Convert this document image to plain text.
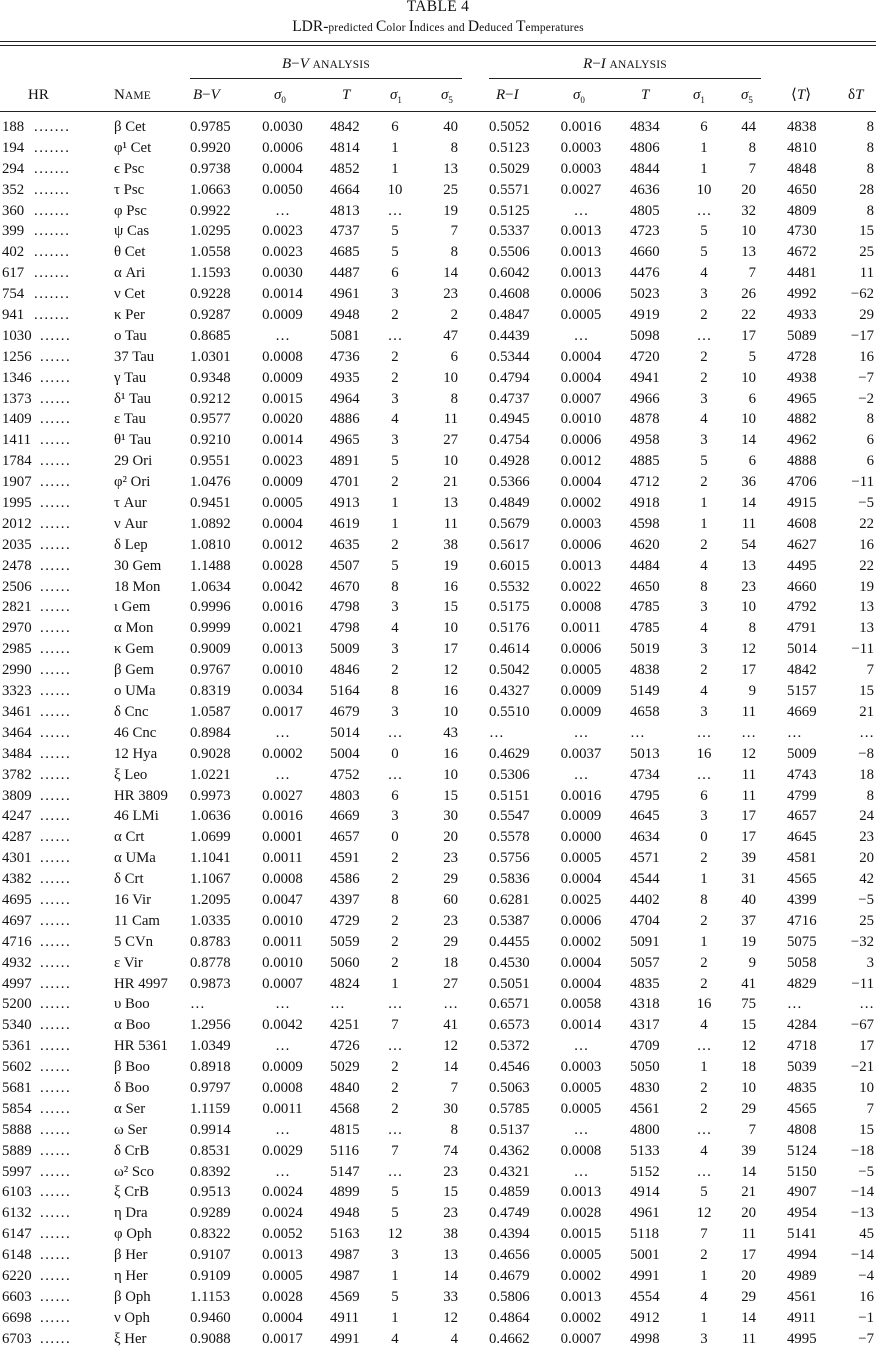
TABLE 4
LDR-predicted Color Indices and Deduced Temperatures
B−V ANALYSIS	R−I ANALYSIS
HR	NAME	B−V	$\sigma_0$	T	$\sigma_1$	$\sigma_5$	R−I	$\sigma_0$	T	$\sigma_1$ $\sigma_5$	⟨T⟩ δT
188 .......	β Cet	0.9785 0.0030 4842	6	40 0.5052	0.0016	4834	6	44 4838	8
194 .......	φ¹ Cet	0.9920 0.0006 4814	1	8 0.5123	0.0003	4806	1	8 4810	8
294 .......	ϵ Psc	0.9738 0.0004 4852	1	13 0.5029	0.0003	4844	1	7 4848	8
352 .......	τ Psc	1.0663 0.0050 4664	10	25 0.5571	0.0027	4636	10	20 4650	28
360 .......	φ Psc	0.9922	…	4813	…	19 0.5125	…	4805	…	32 4809	8
399 .......	ψ Cas	1.0295 0.0023 4737	5	7 0.5337	0.0013	4723	5	10 4730	15
402 .......	θ Cet	1.0558 0.0023 4685	5	8 0.5506	0.0013	4660	5	13 4672	25
617 .......	α Ari	1.1593 0.0030 4487	6	14 0.6042	0.0013	4476	4	7 4481	11
754 .......	ν Cet	0.9228 0.0014 4961	3	23 0.4608	0.0006	5023	3	26 4992	−62
941 .......	κ Per	0.9287 0.0009 4948	2	2 0.4847	0.0005	4919	2	22 4933	29
1030 ......	o Tau	0.8685	…	5081	…	47 0.4439	…	5098	…	17 5089	−17
1256 ......	37 Tau 1.0301 0.0008 4736	2	6 0.5344	0.0004	4720	2	5 4728	16
1346 ......	γ Tau	0.9348 0.0009 4935	2	10 0.4794	0.0004	4941	2	10 4938	−7
1373 ......	δ¹ Tau	0.9212 0.0015 4964	3	8 0.4737	0.0007	4966	3	6 4965	−2
1409 ......	ε Tau	0.9577 0.0020 4886	4	11 0.4945	0.0010	4878	4	10 4882	8
1411 ......	θ¹ Tau	0.9210 0.0014 4965	3	27 0.4754	0.0006	4958	3	14 4962	6
1784 ......	29 Ori	0.9551 0.0023 4891	5	10 0.4928	0.0012	4885	5	6 4888	6
1907 ......	φ² Ori	1.0476 0.0009 4701	2	21 0.5366	0.0004	4712	2	36 4706	−11
1995 ......	τ Aur	0.9451 0.0005 4913	1	13 0.4849	0.0002	4918	1	14 4915	−5
2012 ......	ν Aur	1.0892 0.0004 4619	1	11 0.5679	0.0003	4598	1	11 4608	22
2035 ......	δ Lep	1.0810 0.0012 4635	2	38 0.5617	0.0006	4620	2	54 4627	16
2478 ......	30 Gem 1.1488 0.0028 4507	5	19 0.6015	0.0013	4484	4	13 4495	22
2506 ......	18 Mon 1.0634 0.0042 4670	8	16 0.5532	0.0022	4650	8	23 4660	19
2821 ......	ι Gem	0.9996 0.0016 4798	3	15 0.5175	0.0008	4785	3	10 4792	13
2970 ......	α Mon 0.9999 0.0021 4798	4	10 0.5176	0.0011	4785	4	8 4791	13
2985 ......	κ Gem 0.9009 0.0013 5009	3	17 0.4614	0.0006	5019	3	12 5014	−11
2990 ......	β Gem 0.9767 0.0010 4846	2	12 0.5042	0.0005	4838	2	17 4842	7
3323 ......	o UMa 0.8319 0.0034 5164	8	16 0.4327	0.0009	5149	4	9 5157	15
3461 ......	δ Cnc	1.0587 0.0017 4679	3	10 0.5510	0.0009	4658	3	11 4669	21
3464 ......	46 Cnc 0.8984	…	5014	…	43 …	…	…	…	… …	…
3484 ......	12 Hya 0.9028 0.0002 5004	0	16 0.4629	0.0037	5013	16	12 5009	−8
3782 ......	ξ Leo	1.0221	…	4752	…	10 0.5306	…	4734	…	11 4743	18
3809 ......	HR 3809 0.9973 0.0027 4803	6	15 0.5151	0.0016	4795	6	11 4799	8
4247 ......	46 LMi 1.0636 0.0016 4669	3	30 0.5547	0.0009	4645	3	17 4657	24
4287 ......	α Crt	1.0699 0.0001 4657	0	20 0.5578	0.0000	4634	0	17 4645	23
4301 ......	α UMa 1.1041 0.0011 4591	2	23 0.5756	0.0005	4571	2	39 4581	20
4382 ......	δ Crt	1.1067 0.0008 4586	2	29 0.5836	0.0004	4544	1	31 4565	42
4695 ......	16 Vir	1.2095 0.0047 4397	8	60 0.6281	0.0025	4402	8	40 4399	−5
4697 ......	11 Cam 1.0335 0.0010 4729	2	23 0.5387	0.0006	4704	2	37 4716	25
4716 ......	5 CVn 0.8783 0.0011 5059	2	29 0.4455	0.0002	5091	1	19 5075	−32
4932 ......	ε Vir	0.8778 0.0010 5060	2	18 0.4530	0.0004	5057	2	9 5058	3
4997 ......	HR 4997 0.9873 0.0007 4824	1	27 0.5051	0.0004	4835	2	41 4829	−11
5200 ......	υ Boo	…	…	…	…	… 0.6571	0.0058	4318	16	75 …	…
5340 ......	α Boo	1.2956 0.0042 4251	7	41 0.6573	0.0014	4317	4	15 4284	−67
5361 ......	HR 5361 1.0349	…	4726	…	12 0.5372	…	4709	…	12 4718	17
5602 ......	β Boo	0.8918 0.0009 5029	2	14 0.4546	0.0003	5050	1	18 5039	−21
5681 ......	δ Boo	0.9797 0.0008 4840	2	7 0.5063	0.0005	4830	2	10 4835	10
5854 ......	α Ser	1.1159 0.0011 4568	2	30 0.5785	0.0005	4561	2	29 4565	7
5888 ......	ω Ser	0.9914	…	4815	…	8 0.5137	…	4800	…	7 4808	15
5889 ......	δ CrB	0.8531 0.0029 5116	7	74 0.4362	0.0008	5133	4	39 5124	−18
5997 ......	ω² Sco 0.8392	…	5147	…	23 0.4321	…	5152	…	14 5150	−5
6103 ......	ξ CrB	0.9513 0.0024 4899	5	15 0.4859	0.0013	4914	5	21 4907	−14
6132 ......	η Dra	0.9289 0.0024 4948	5	23 0.4749	0.0028	4961	12	20 4954	−13
6147 ......	φ Oph	0.8322 0.0052 5163	12	38 0.4394	0.0015	5118	7	11 5141	45
6148 ......	β Her	0.9107 0.0013 4987	3	13 0.4656	0.0005	5001	2	17 4994	−14
6220 ......	η Her	0.9109 0.0005 4987	1	14 0.4679	0.0002	4991	1	20 4989	−4
6603 ......	β Oph	1.1153 0.0028 4569	5	33 0.5806	0.0013	4554	4	29 4561	16
6698 ......	ν Oph	0.9460 0.0004 4911	1	12 0.4864	0.0002	4912	1	14 4911	−1
6703 ......	ξ Her	0.9088 0.0017 4991	4	4 0.4662	0.0007	4998	3	11 4995	−7
